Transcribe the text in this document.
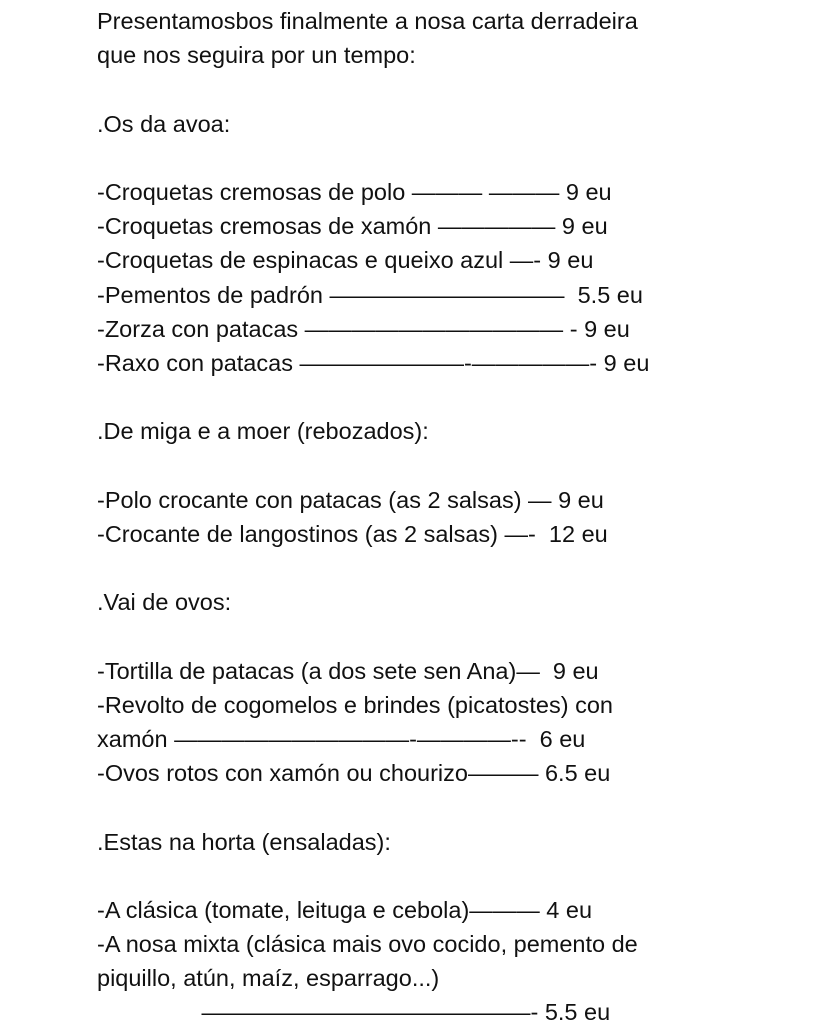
Presentamosbos finalmente a nosa carta derradeira
que nos seguira por un tempo:
.Os da avoa:
-Croquetas cremosas de polo ——— ——— 9 eu
-Croquetas cremosas de xamón ————— 9 eu
-Croquetas de espinacas e queixo azul —- 9 eu
-Pementos de padrón ——————————  5.5 eu
-Zorza con patacas ——————————— - 9 eu
-Raxo con patacas ———————-—————- 9 eu
.De miga e a moer (rebozados):
-Polo crocante con patacas (as 2 salsas) — 9 eu
-Crocante de langostinos (as 2 salsas) —-  12 eu
.Vai de ovos:
-Tortilla de patacas (a dos sete sen Ana)—  9 eu
-Revolto de cogomelos e brindes (picatostes) con
xamón ——————————-————--  6 eu
-Ovos rotos con xamón ou chourizo——— 6.5 eu
.Estas na horta (ensaladas):
-A clásica (tomate, leituga e cebola)——— 4 eu
-A nosa mixta (clásica mais ovo cocido, pemento de
piquillo, atún, maíz, esparrago...)
——————————————- 5.5 eu
